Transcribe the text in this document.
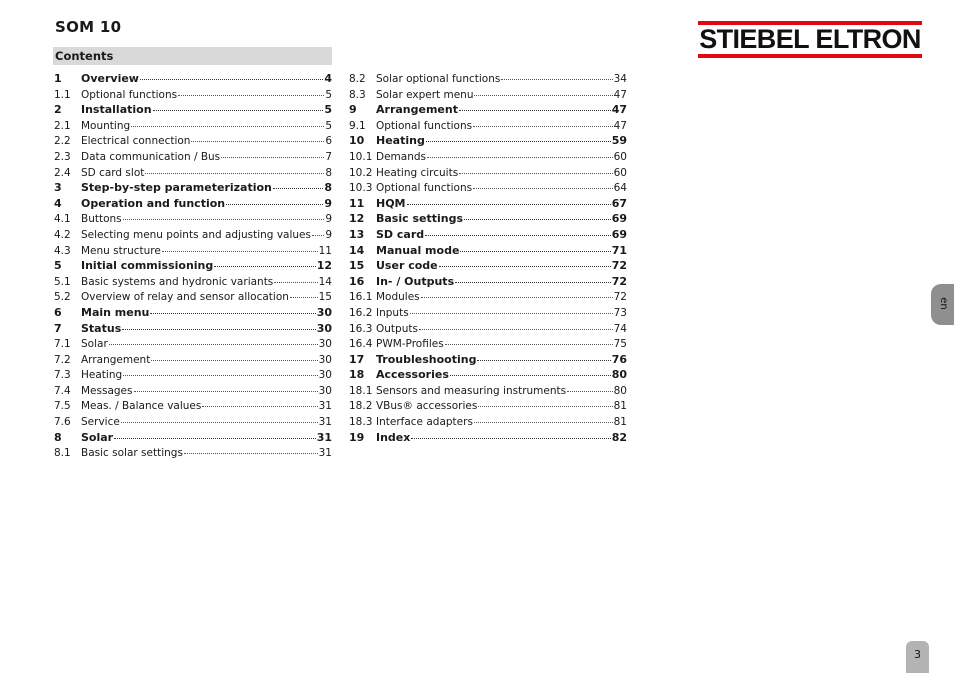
SOM 10
Contents
STIEBEL ELTRON
1	Overview	4
1.1 Optional functions	5
2	Installation	5
2.1 Mounting	5
2.2 Electrical connection	6
2.3 Data communication / Bus	7
2.4 SD card slot	8
3	Step-by-step parameterization	8
4	Operation and function	9
4.1 Buttons	9
4.2 Selecting menu points and adjusting values 9
4.3 Menu structure	11
5	Initial commissioning	12
5.1 Basic systems and hydronic variants	14
5.2 Overview of relay and sensor allocation	15
6	Main menu	30
7	Status	30
7.1 Solar	30
7.2 Arrangement	30
7.3 Heating	30
7.4 Messages	30
7.5 Meas. / Balance values	31
7.6 Service	31
8	Solar	31
8.1 Basic solar settings	31
8.2 Solar optional functions	34
8.3 Solar expert menu	47
9	Arrangement	47
9.1 Optional functions	47
10	Heating	59
10.1 Demands	60
10.2 Heating circuits	60
10.3 Optional functions	64
11	HQM	67
12	Basic settings	69
13	SD card	69
14	Manual mode	71
15	User code	72
16	In- / Outputs	72
16.1 Modules	72
16.2 Inputs	73
16.3 Outputs	74
16.4 PWM-Profiles	75
17	Troubleshooting	76
18	Accessories	80
18.1 Sensors and measuring instruments	80
18.2 VBus® accessories	81
18.3 Interface adapters	81
19	Index	82
en
3
